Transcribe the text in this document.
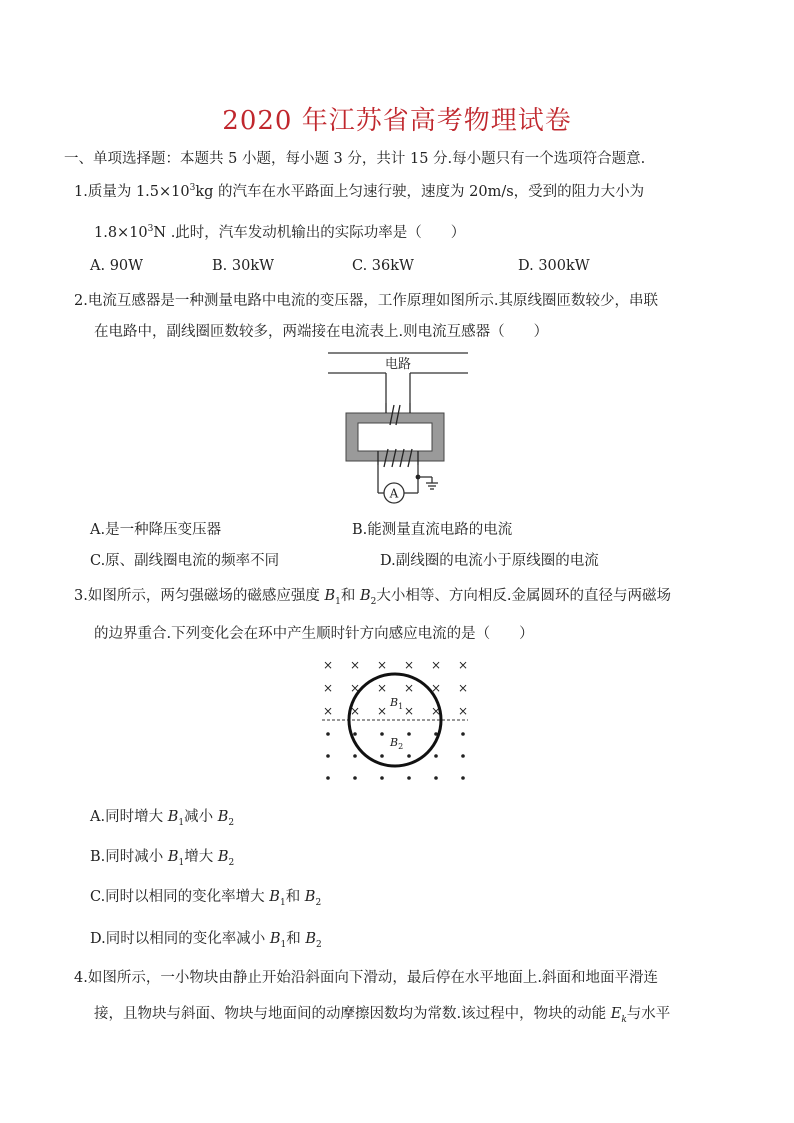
2020 年江苏省高考物理试卷
一、单项选择题：本题共 5 小题，每小题 3 分，共计 15 分.每小题只有一个选项符合题意.
1.质量为 $1.5\times 10^3kg$ 的汽车在水平路面上匀速行驶，速度为 20m/s，受到的阻力大小为
$1.8\times 10^3N$ .此时，汽车发动机输出的实际功率是（　　）
A. 90W	B. 30kW	C. 36kW	D. 300kW
2.电流互感器是一种测量电路中电流的变压器，工作原理如图所示.其原线圈匝数较少，串联
在电路中，副线圈匝数较多，两端接在电流表上.则电流互感器（　　）
电路
A
A.是一种降压变压器	B.能测量直流电路的电流
C.原、副线圈电流的频率不同	D.副线圈的电流小于原线圈的电流
3.如图所示，两匀强磁场的磁感应强度 $B_1$和 $B_2$大小相等、方向相反.金属圆环的直径与两磁场
的边界重合.下列变化会在环中产生顺时针方向感应电流的是（　　）
× × × × × ×
× × × × × ×
× × × × × ×
$B_1$
$B_2$
A.同时增大 $B_1$减小 $B_2$
B.同时减小 $B_1$增大 $B_2$
C.同时以相同的变化率增大 $B_1$和 $B_2$
D.同时以相同的变化率减小 $B_1$和 $B_2$
4.如图所示，一小物块由静止开始沿斜面向下滑动，最后停在水平地面上.斜面和地面平滑连
接，且物块与斜面、物块与地面间的动摩擦因数均为常数.该过程中，物块的动能 $E_k$与水平
